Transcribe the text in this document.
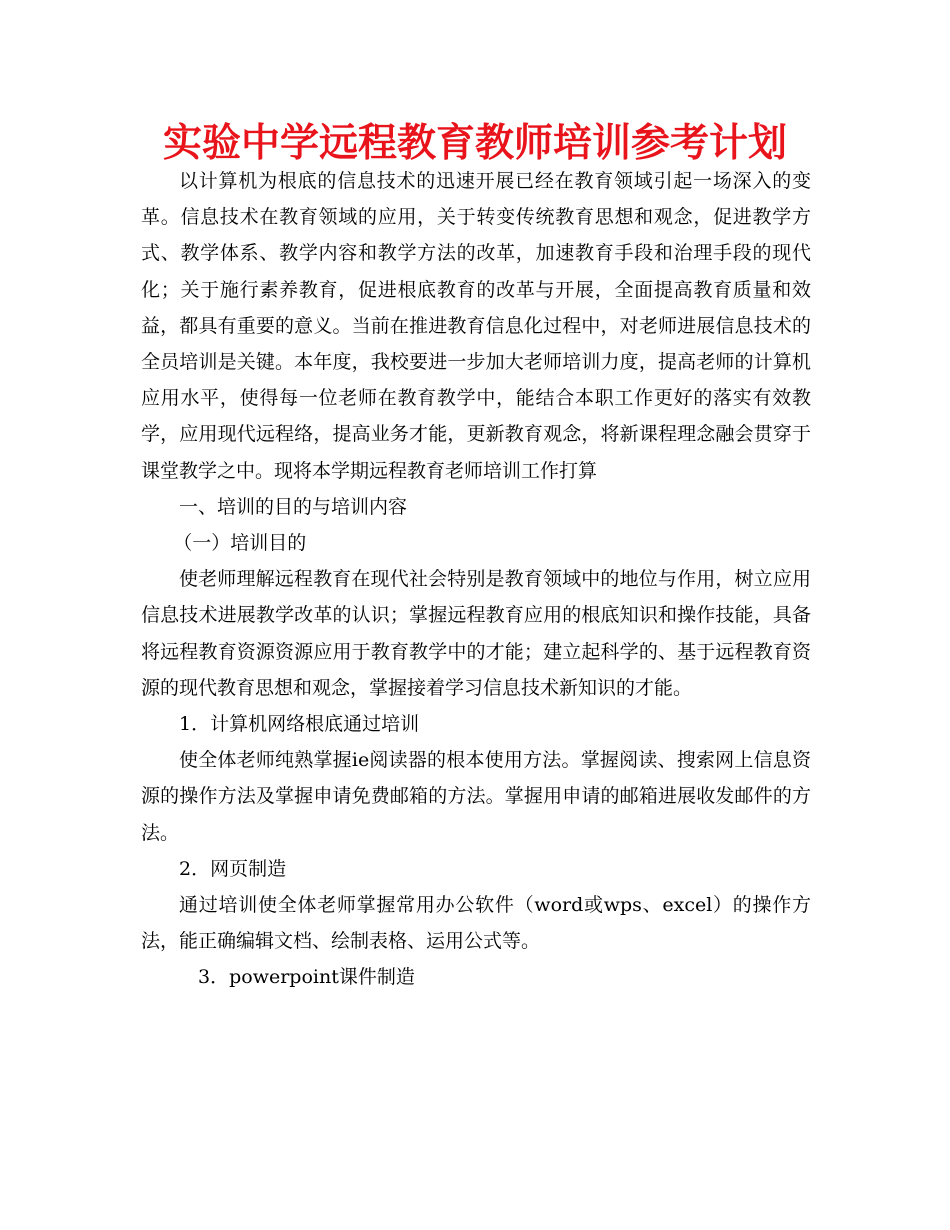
实验中学远程教育教师培训参考计划

以计算机为根底的信息技术的迅速开展已经在教育领域引起一场深入的变革。信息技术在教育领域的应用，关于转变传统教育思想和观念，促进教学方式、教学体系、教学内容和教学方法的改革，加速教育手段和治理手段的现代化；关于施行素养教育，促进根底教育的改革与开展，全面提高教育质量和效益，都具有重要的意义。当前在推进教育信息化过程中，对老师进展信息技术的全员培训是关键。本年度，我校要进一步加大老师培训力度，提高老师的计算机应用水平，使得每一位老师在教育教学中，能结合本职工作更好的落实有效教学，应用现代远程络，提高业务才能，更新教育观念，将新课程理念融会贯穿于课堂教学之中。现将本学期远程教育老师培训工作打算

一、培训的目的与培训内容

（一）培训目的

使老师理解远程教育在现代社会特别是教育领域中的地位与作用，树立应用信息技术进展教学改革的认识；掌握远程教育应用的根底知识和操作技能，具备将远程教育资源资源应用于教育教学中的才能；建立起科学的、基于远程教育资源的现代教育思想和观念，掌握接着学习信息技术新知识的才能。

1．计算机网络根底通过培训

使全体老师纯熟掌握ie阅读器的根本使用方法。掌握阅读、搜索网上信息资源的操作方法及掌握申请免费邮箱的方法。掌握用申请的邮箱进展收发邮件的方法。

2．网页制造

通过培训使全体老师掌握常用办公软件（word或wps、excel）的操作方法，能正确编辑文档、绘制表格、运用公式等。

3．powerpoint课件制造
